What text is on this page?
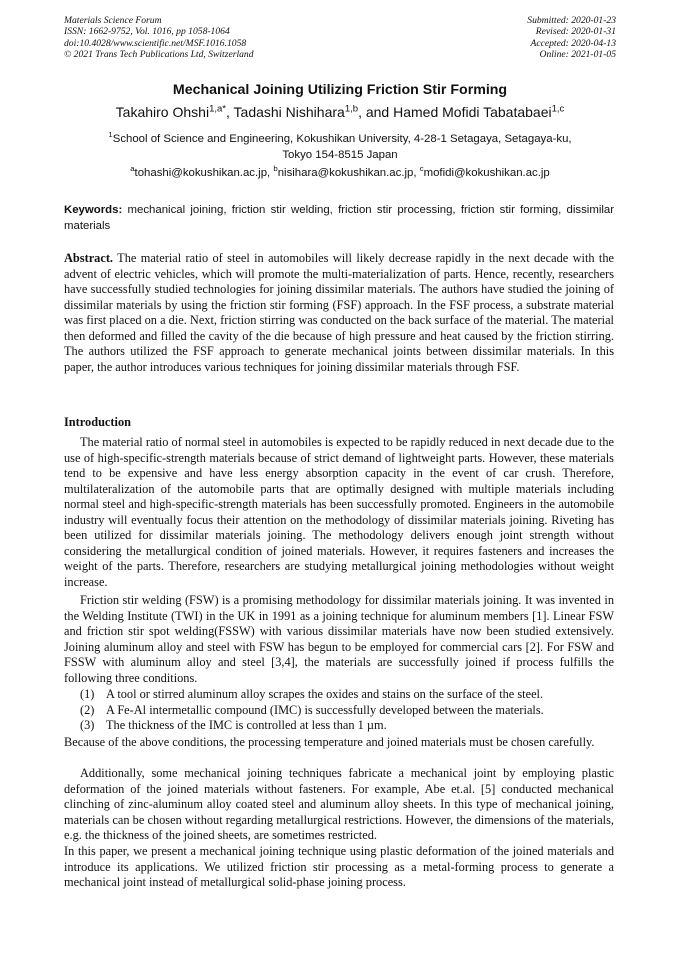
Materials Science Forum
ISSN: 1662-9752, Vol. 1016, pp 1058-1064
doi:10.4028/www.scientific.net/MSF.1016.1058
© 2021 Trans Tech Publications Ltd, Switzerland
Submitted: 2020-01-23
Revised: 2020-01-31
Accepted: 2020-04-13
Online: 2021-01-05
Mechanical Joining Utilizing Friction Stir Forming
Takahiro Ohshi$^{1,a*}$, Tadashi Nishihara$^{1,b}$, and Hamed Mofidi Tabatabaei$^{1,c}$
$^1$School of Science and Engineering, Kokushikan University, 4-28-1 Setagaya, Setagaya-ku,
Tokyo 154-8515 Japan
$^a$tohashi@kokushikan.ac.jp, $^b$nisihara@kokushikan.ac.jp, $^c$mofidi@kokushikan.ac.jp
Keywords: mechanical joining, friction stir welding, friction stir processing, friction stir forming, dissimilar materials

Abstract. The material ratio of steel in automobiles will likely decrease rapidly in the next decade with the advent of electric vehicles, which will promote the multi-materialization of parts. Hence, recently, researchers have successfully studied technologies for joining dissimilar materials. The authors have studied the joining of dissimilar materials by using the friction stir forming (FSF) approach. In the FSF process, a substrate material was first placed on a die. Next, friction stirring was conducted on the back surface of the material. The material then deformed and filled the cavity of the die because of high pressure and heat caused by the friction stirring. The authors utilized the FSF approach to generate mechanical joints between dissimilar materials. In this paper, the author introduces various techniques for joining dissimilar materials through FSF.

Introduction

The material ratio of normal steel in automobiles is expected to be rapidly reduced in next decade due to the use of high-specific-strength materials because of strict demand of lightweight parts. However, these materials tend to be expensive and have less energy absorption capacity in the event of car crush. Therefore, multilateralization of the automobile parts that are optimally designed with multiple materials including normal steel and high-specific-strength materials has been successfully promoted. Engineers in the automobile industry will eventually focus their attention on the methodology of dissimilar materials joining. Riveting has been utilized for dissimilar materials joining. The methodology delivers enough joint strength without considering the metallurgical condition of joined materials. However, it requires fasteners and increases the weight of the parts. Therefore, researchers are studying metallurgical joining methodologies without weight increase.

Friction stir welding (FSW) is a promising methodology for dissimilar materials joining. It was invented in the Welding Institute (TWI) in the UK in 1991 as a joining technique for aluminum members [1]. Linear FSW and friction stir spot welding(FSSW) with various dissimilar materials have now been studied extensively. Joining aluminum alloy and steel with FSW has begun to be employed for commercial cars [2]. For FSW and FSSW with aluminum alloy and steel [3,4], the materials are successfully joined if process fulfills the following three conditions.

(1) A tool or stirred aluminum alloy scrapes the oxides and stains on the surface of the steel.
(2) A Fe-Al intermetallic compound (IMC) is successfully developed between the materials.
(3) The thickness of the IMC is controlled at less than 1 µm.

Because of the above conditions, the processing temperature and joined materials must be chosen carefully.

Additionally, some mechanical joining techniques fabricate a mechanical joint by employing plastic deformation of the joined materials without fasteners. For example, Abe et.al. [5] conducted mechanical clinching of zinc-aluminum alloy coated steel and aluminum alloy sheets. In this type of mechanical joining, materials can be chosen without regarding metallurgical restrictions. However, the dimensions of the materials, e.g. the thickness of the joined sheets, are sometimes restricted.

In this paper, we present a mechanical joining technique using plastic deformation of the joined materials and introduce its applications. We utilized friction stir processing as a metal-forming process to generate a mechanical joint instead of metallurgical solid-phase joining process.
